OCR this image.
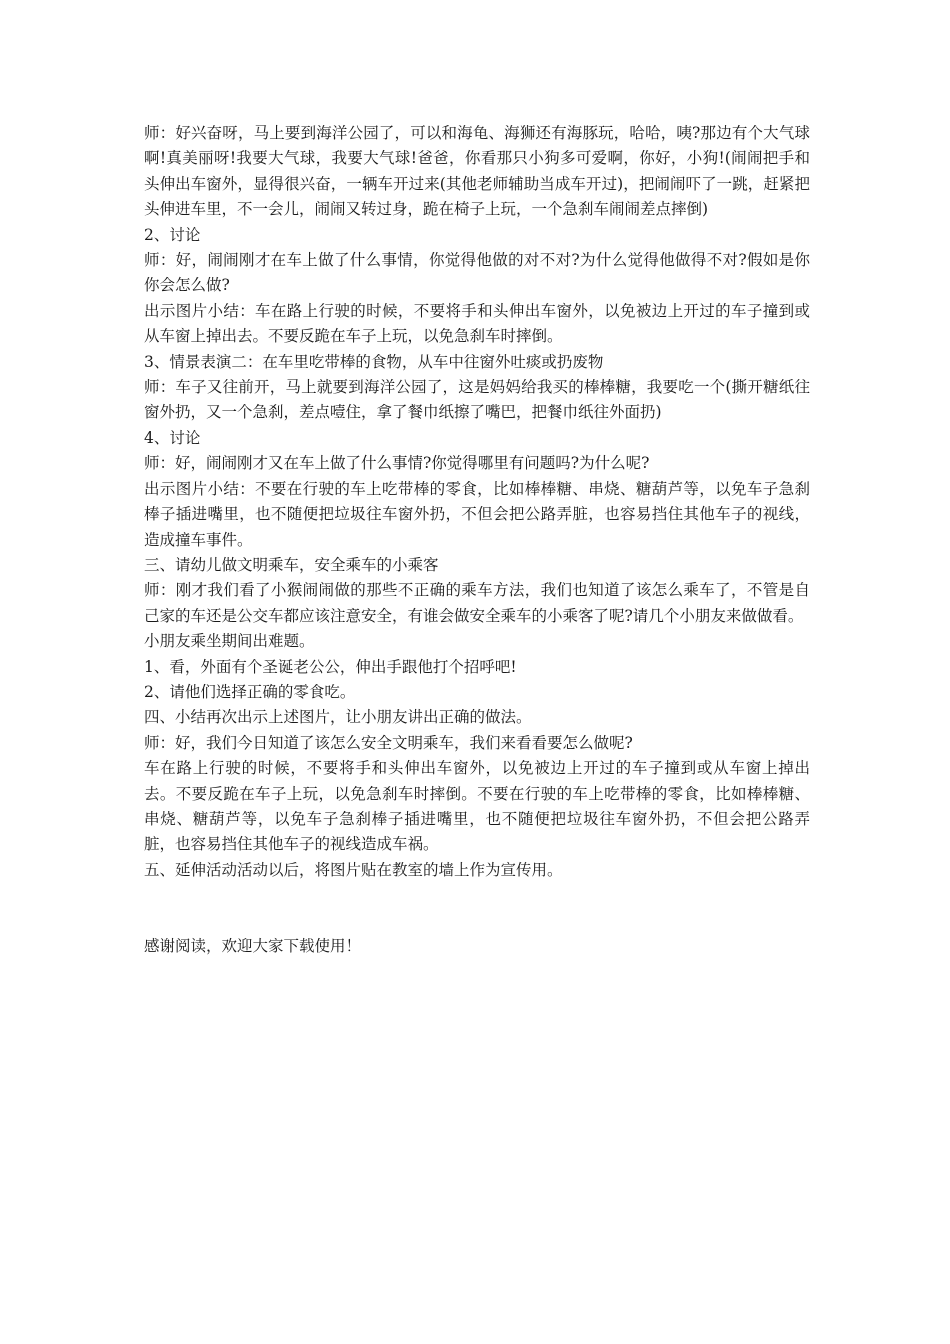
师：好兴奋呀，马上要到海洋公园了，可以和海龟、海狮还有海豚玩，哈哈，咦?那边有个大气球啊!真美丽呀!我要大气球，我要大气球!爸爸，你看那只小狗多可爱啊，你好，小狗!(闹闹把手和头伸出车窗外，显得很兴奋，一辆车开过来(其他老师辅助当成车开过)，把闹闹吓了一跳，赶紧把头伸进车里，不一会儿，闹闹又转过身，跪在椅子上玩，一个急刹车闹闹差点摔倒)

2、讨论

师：好，闹闹刚才在车上做了什么事情，你觉得他做的对不对?为什么觉得他做得不对?假如是你你会怎么做?

出示图片小结：车在路上行驶的时候，不要将手和头伸出车窗外，以免被边上开过的车子撞到或从车窗上掉出去。不要反跪在车子上玩，以免急刹车时摔倒。

3、情景表演二：在车里吃带棒的食物，从车中往窗外吐痰或扔废物

师：车子又往前开，马上就要到海洋公园了，这是妈妈给我买的棒棒糖，我要吃一个(撕开糖纸往窗外扔，又一个急刹，差点噎住，拿了餐巾纸擦了嘴巴，把餐巾纸往外面扔)

4、讨论

师：好，闹闹刚才又在车上做了什么事情?你觉得哪里有问题吗?为什么呢?

出示图片小结：不要在行驶的车上吃带棒的零食，比如棒棒糖、串烧、糖葫芦等，以免车子急刹棒子插进嘴里，也不随便把垃圾往车窗外扔，不但会把公路弄脏，也容易挡住其他车子的视线，造成撞车事件。

三、请幼儿做文明乘车，安全乘车的小乘客

师：刚才我们看了小猴闹闹做的那些不正确的乘车方法，我们也知道了该怎么乘车了，不管是自己家的车还是公交车都应该注意安全，有谁会做安全乘车的小乘客了呢?请几个小朋友来做做看。

小朋友乘坐期间出难题。

1、看，外面有个圣诞老公公，伸出手跟他打个招呼吧!

2、请他们选择正确的零食吃。

四、小结再次出示上述图片，让小朋友讲出正确的做法。

师：好，我们今日知道了该怎么安全文明乘车，我们来看看要怎么做呢?

车在路上行驶的时候，不要将手和头伸出车窗外，以免被边上开过的车子撞到或从车窗上掉出去。不要反跪在车子上玩，以免急刹车时摔倒。不要在行驶的车上吃带棒的零食，比如棒棒糖、串烧、糖葫芦等，以免车子急刹棒子插进嘴里，也不随便把垃圾往车窗外扔，不但会把公路弄脏，也容易挡住其他车子的视线造成车祸。

五、延伸活动活动以后，将图片贴在教室的墙上作为宣传用。

感谢阅读，欢迎大家下载使用！
